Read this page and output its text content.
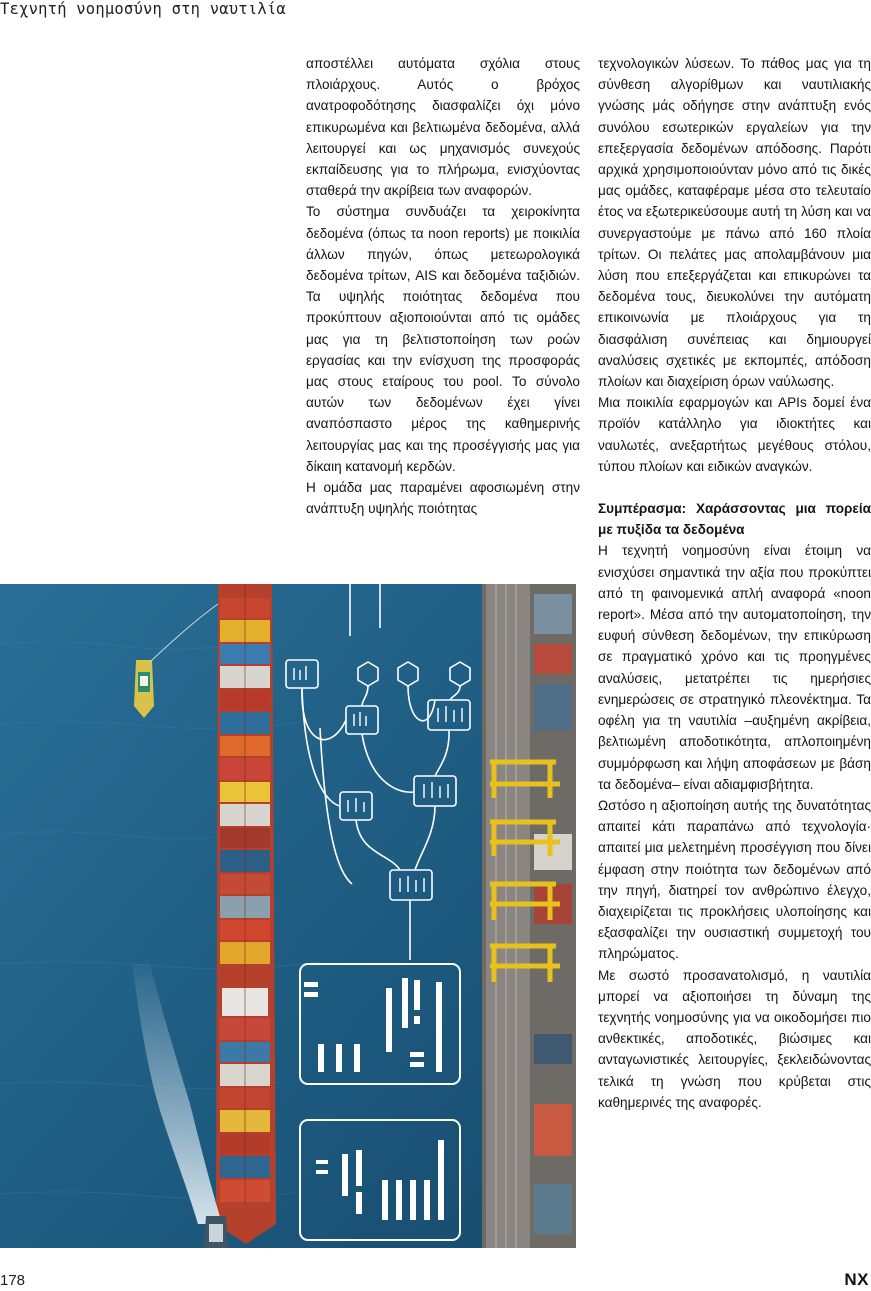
Τεχνητή νοημοσύνη στη ναυτιλία

αποστέλλει αυτόματα σχόλια στους πλοιάρχους. Αυτός ο βρόχος ανατροφοδότησης διασφαλίζει όχι μόνο επικυρωμένα και βελτιωμένα δεδομένα, αλλά λειτουργεί και ως μηχανισμός συνεχούς εκπαίδευσης για το πλήρωμα, ενισχύοντας σταθερά την ακρίβεια των αναφορών.

Το σύστημα συνδυάζει τα χειροκίνητα δεδομένα (όπως τα noon reports) με ποικιλία άλλων πηγών, όπως μετεωρολογικά δεδομένα τρίτων, AIS και δεδομένα ταξιδιών. Τα υψηλής ποιότητας δεδομένα που προκύπτουν αξιοποιούνται από τις ομάδες μας για τη βελτιστοποίηση των ροών εργασίας και την ενίσχυση της προσφοράς μας στους εταίρους του pool. Το σύνολο αυτών των δεδομένων έχει γίνει αναπόσπαστο μέρος της καθημερινής λειτουργίας μας και της προσέγγισής μας για δίκαιη κατανομή κερδών.

Η ομάδα μας παραμένει αφοσιωμένη στην ανάπτυξη υψηλής ποιότητας

τεχνολογικών λύσεων. Το πάθος μας για τη σύνθεση αλγορίθμων και ναυτιλιακής γνώσης μάς οδήγησε στην ανάπτυξη ενός συνόλου εσωτερικών εργαλείων για την επεξεργασία δεδομένων απόδοσης. Παρότι αρχικά χρησιμοποιούνταν μόνο από τις δικές μας ομάδες, καταφέραμε μέσα στο τελευταίο έτος να εξωτερικεύσουμε αυτή τη λύση και να συνεργαστούμε με πάνω από 160 πλοία τρίτων. Οι πελάτες μας απολαμβάνουν μια λύση που επεξεργάζεται και επικυρώνει τα δεδομένα τους, διευκολύνει την αυτόματη επικοινωνία με πλοιάρχους για τη διασφάλιση συνέπειας και δημιουργεί αναλύσεις σχετικές με εκπομπές, απόδοση πλοίων και διαχείριση όρων ναύλωσης.

Μια ποικιλία εφαρμογών και APIs δομεί ένα προϊόν κατάλληλο για ιδιοκτήτες και ναυλωτές, ανεξαρτήτως μεγέθους στόλου, τύπου πλοίων και ειδικών αναγκών.

Συμπέρασμα: Χαράσσοντας μια πορεία με πυξίδα τα δεδομένα

Η τεχνητή νοημοσύνη είναι έτοιμη να ενισχύσει σημαντικά την αξία που προκύπτει από τη φαινομενικά απλή αναφορά «noon report». Μέσα από την αυτοματοποίηση, την ευφυή σύνθεση δεδομένων, την επικύρωση σε πραγματικό χρόνο και τις προηγμένες αναλύσεις, μετατρέπει τις ημερήσιες ενημερώσεις σε στρατηγικό πλεονέκτημα. Τα οφέλη για τη ναυτιλία –αυξημένη ακρίβεια, βελτιωμένη αποδοτικότητα, απλοποιημένη συμμόρφωση και λήψη αποφάσεων με βάση τα δεδομένα– είναι αδιαμφισβήτητα.

Ωστόσο η αξιοποίηση αυτής της δυνατότητας απαιτεί κάτι παραπάνω από τεχνολογία· απαιτεί μια μελετημένη προσέγγιση που δίνει έμφαση στην ποιότητα των δεδομένων από την πηγή, διατηρεί τον ανθρώπινο έλεγχο, διαχειρίζεται τις προκλήσεις υλοποίησης και εξασφαλίζει την ουσιαστική συμμετοχή του πληρώματος.

Με σωστό προσανατολισμό, η ναυτιλία μπορεί να αξιοποιήσει τη δύναμη της τεχνητής νοημοσύνης για να οικοδομήσει πιο ανθεκτικές, αποδοτικές, βιώσιμες και ανταγωνιστικές λειτουργίες, ξεκλειδώνοντας τελικά τη γνώση που κρύβεται στις καθημερινές της αναφορές.

178	NX
